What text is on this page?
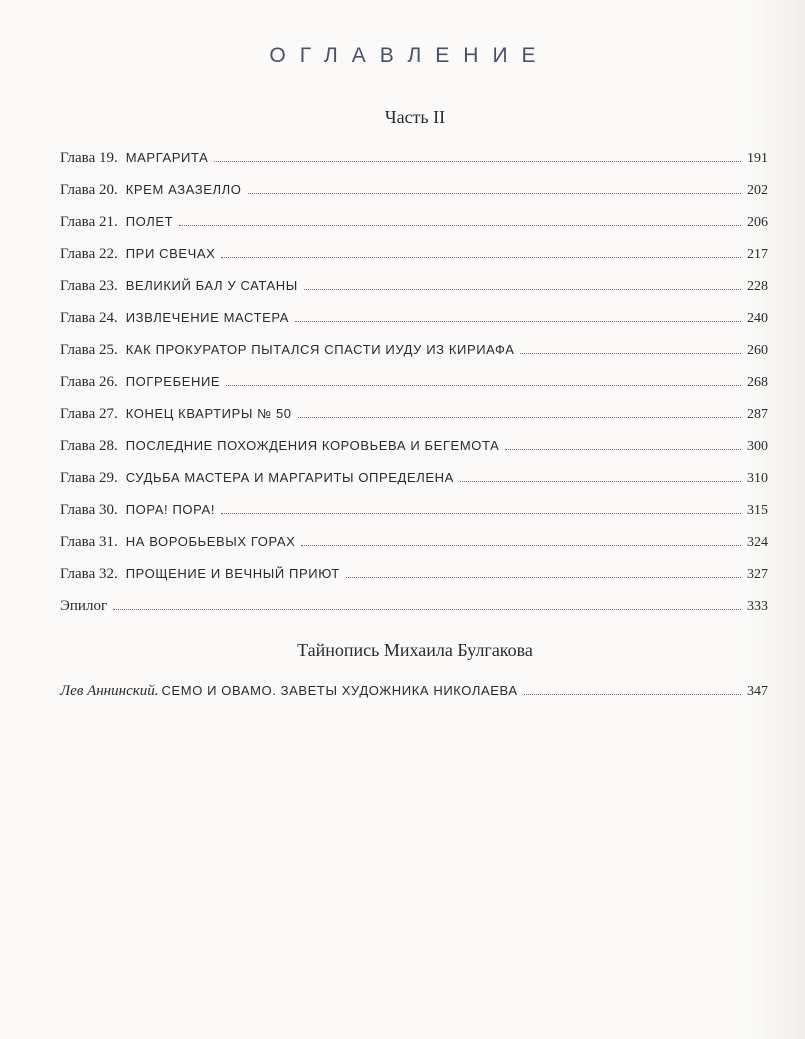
ОГЛАВЛЕНИЕ
Часть II
Глава 19. МАРГАРИТА	191
Глава 20. КРЕМ АЗАЗЕЛЛО	202
Глава 21. ПОЛЕТ	206
Глава 22. ПРИ СВЕЧАХ	217
Глава 23. ВЕЛИКИЙ БАЛ У САТАНЫ	228
Глава 24. ИЗВЛЕЧЕНИЕ МАСТЕРА	240
Глава 25. КАК ПРОКУРАТОР ПЫТАЛСЯ СПАСТИ ИУДУ ИЗ КИРИАФА	260
Глава 26. ПОГРЕБЕНИЕ	268
Глава 27. КОНЕЦ КВАРТИРЫ № 50	287
Глава 28. ПОСЛЕДНИЕ ПОХОЖДЕНИЯ КОРОВЬЕВА И БЕГЕМОТА	300
Глава 29. СУДЬБА МАСТЕРА И МАРГАРИТЫ ОПРЕДЕЛЕНА	310
Глава 30. ПОРА! ПОРА!	315
Глава 31. НА ВОРОБЬЕВЫХ ГОРАХ	324
Глава 32. ПРОЩЕНИЕ И ВЕЧНЫЙ ПРИЮТ	327
Эпилог	333
Тайнопись Михаила Булгакова
Лев Аннинский. СЕМО И ОВАМО. ЗАВЕТЫ ХУДОЖНИКА НИКОЛАЕВА	347
